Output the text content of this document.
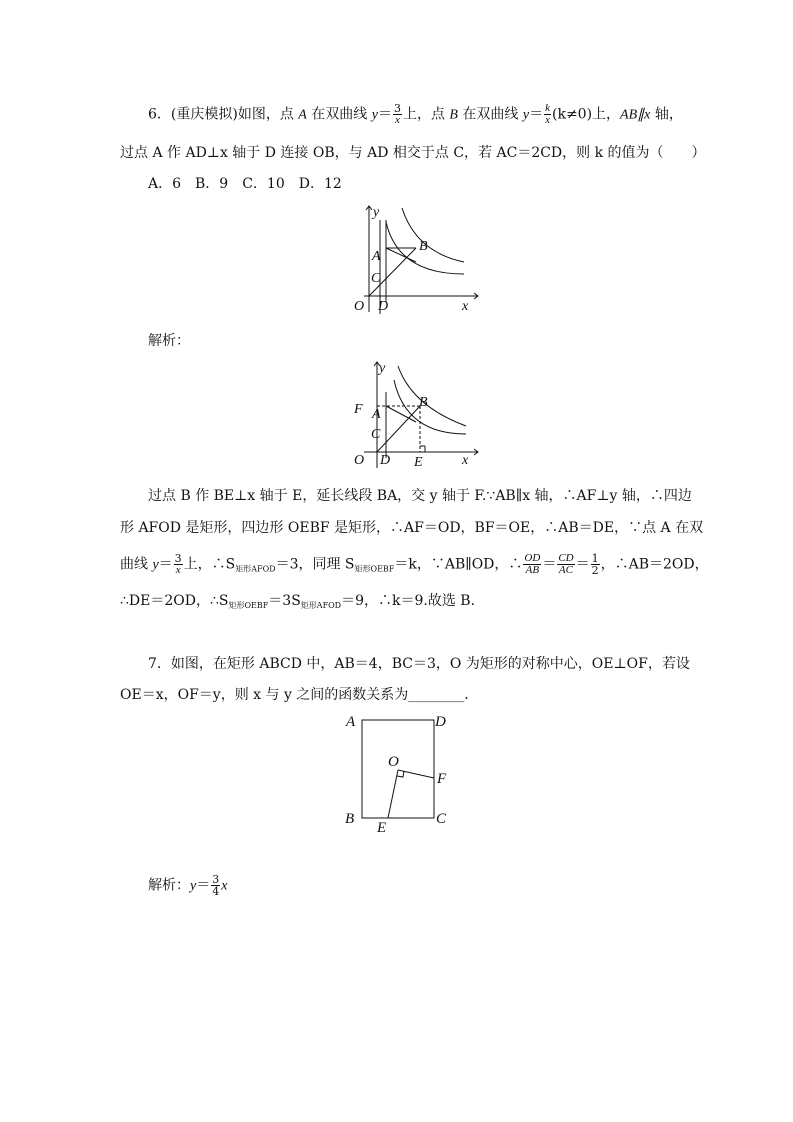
6．(重庆模拟)如图，点 A 在双曲线 $y= \frac{3}{x}$ 上，点 B 在双曲线 $y= \frac{k}{x} (k\ne 0)$上，AB∥x 轴，
过点 A 作 AD⊥x 轴于 D 连接 OB，与 AD 相交于点 C，若 AC＝2CD，则 k 的值为（　　）
A．6　B．9　C．10　D．12
y
x
O
A
B
C
D
解析：
y
x
O
F A
B
C
D E
过点 B 作 BE⊥x 轴于 E，延长线段 BA，交 y 轴于 F.∵AB∥x 轴，∴AF⊥y 轴，∴四边
形 AFOD 是矩形，四边形 OEBF 是矩形，∴AF＝OD，BF＝OE，∴AB＝DE，∵点 A 在双
曲线 $y= \frac{3}{x}$ 上，$\therefore S_{矩形AFOD}=3$，同理 $S_{矩形OEBF}=k$，∵AB∥OD，∴ $\frac{OD}{AB} = \frac{CD}{AC} = \frac{1}{2}$ ，∴AB＝2OD，
∴DE＝2OD，$\therefore S_{矩形OEBF}=3S_{矩形AFOD}=9$，∴k＝9.故选 B.
7．如图，在矩形 ABCD 中，AB＝4，BC＝3，O 为矩形的对称中心，OE⊥OF，若设
OE＝x，OF＝y，则 x 与 y 之间的函数关系为________．
A	D
B	C
O
F
E
解析：$y= \frac{3}{4}$ x
